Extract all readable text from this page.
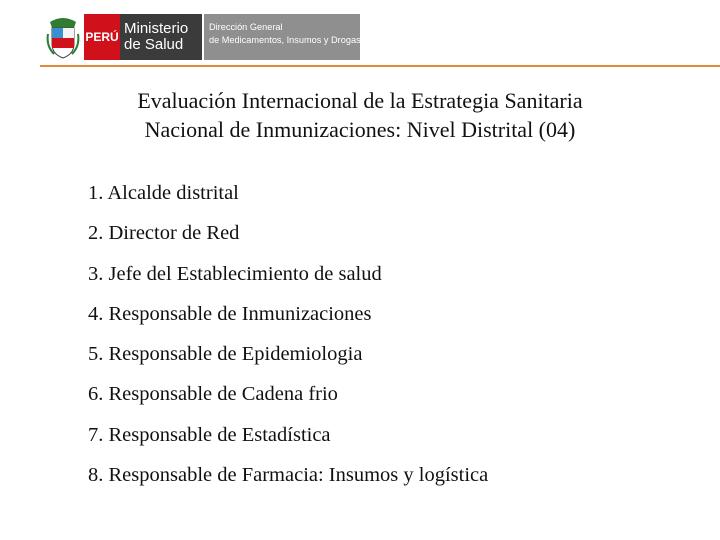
PERÚ Ministerio
de Salud
Dirección General
de Medicamentos, Insumos y Drogas
Evaluación Internacional de la Estrategia Sanitaria
Nacional de Inmunizaciones: Nivel Distrital (04)
1. Alcalde distrital
2. Director de Red
3. Jefe del Establecimiento de salud
4. Responsable de Inmunizaciones
5. Responsable de Epidemiologia
6. Responsable de Cadena frio
7. Responsable de Estadística
8. Responsable de Farmacia: Insumos y logística
